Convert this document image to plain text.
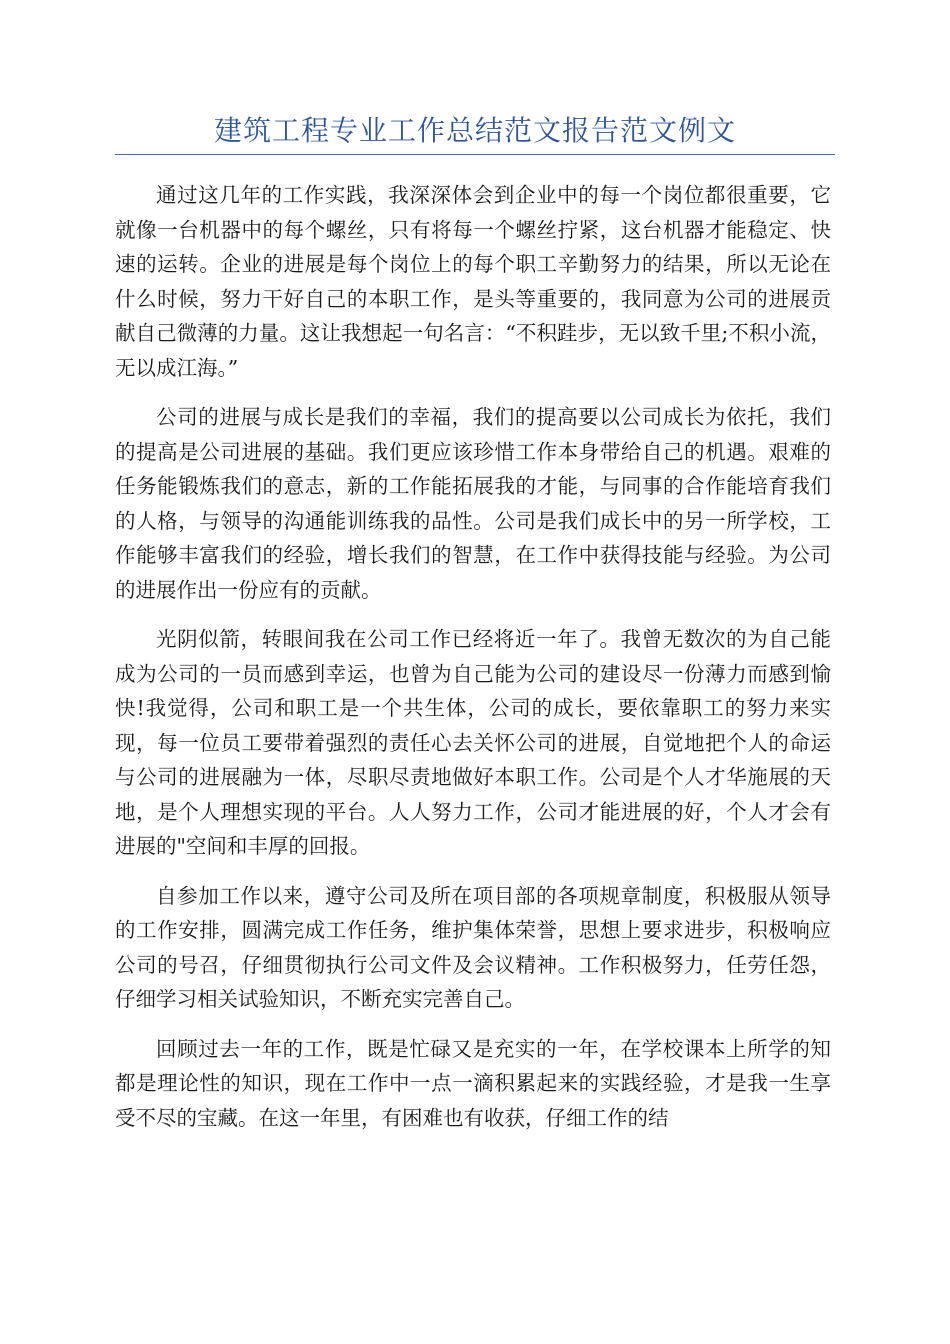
建筑工程专业工作总结范文报告范文例文

通过这几年的工作实践，我深深体会到企业中的每一个岗位都很重要，它就像一台机器中的每个螺丝，只有将每一个螺丝拧紧，这台机器才能稳定、快速的运转。企业的进展是每个岗位上的每个职工辛勤努力的结果，所以无论在什么时候，努力干好自己的本职工作，是头等重要的，我同意为公司的进展贡献自己微薄的力量。这让我想起一句名言：“不积跬步，无以致千里;不积小流，无以成江海。”

公司的进展与成长是我们的幸福，我们的提高要以公司成长为依托，我们的提高是公司进展的基础。我们更应该珍惜工作本身带给自己的机遇。艰难的任务能锻炼我们的意志，新的工作能拓展我的才能，与同事的合作能培育我们的人格，与领导的沟通能训练我的品性。公司是我们成长中的另一所学校，工作能够丰富我们的经验，增长我们的智慧，在工作中获得技能与经验。为公司的进展作出一份应有的贡献。

光阴似箭，转眼间我在公司工作已经将近一年了。我曾无数次的为自己能成为公司的一员而感到幸运，也曾为自己能为公司的建设尽一份薄力而感到愉快!我觉得，公司和职工是一个共生体，公司的成长，要依靠职工的努力来实现，每一位员工要带着强烈的责任心去关怀公司的进展，自觉地把个人的命运与公司的进展融为一体，尽职尽责地做好本职工作。公司是个人才华施展的天地，是个人理想实现的平台。人人努力工作，公司才能进展的好，个人才会有进展的"空间和丰厚的回报。

自参加工作以来，遵守公司及所在项目部的各项规章制度，积极服从领导的工作安排，圆满完成工作任务，维护集体荣誉，思想上要求进步，积极响应公司的号召，仔细贯彻执行公司文件及会议精神。工作积极努力，任劳任怨，仔细学习相关试验知识，不断充实完善自己。

回顾过去一年的工作，既是忙碌又是充实的一年，在学校课本上所学的知都是理论性的知识，现在工作中一点一滴积累起来的实践经验，才是我一生享受不尽的宝藏。在这一年里，有困难也有收获，仔细工作的结
